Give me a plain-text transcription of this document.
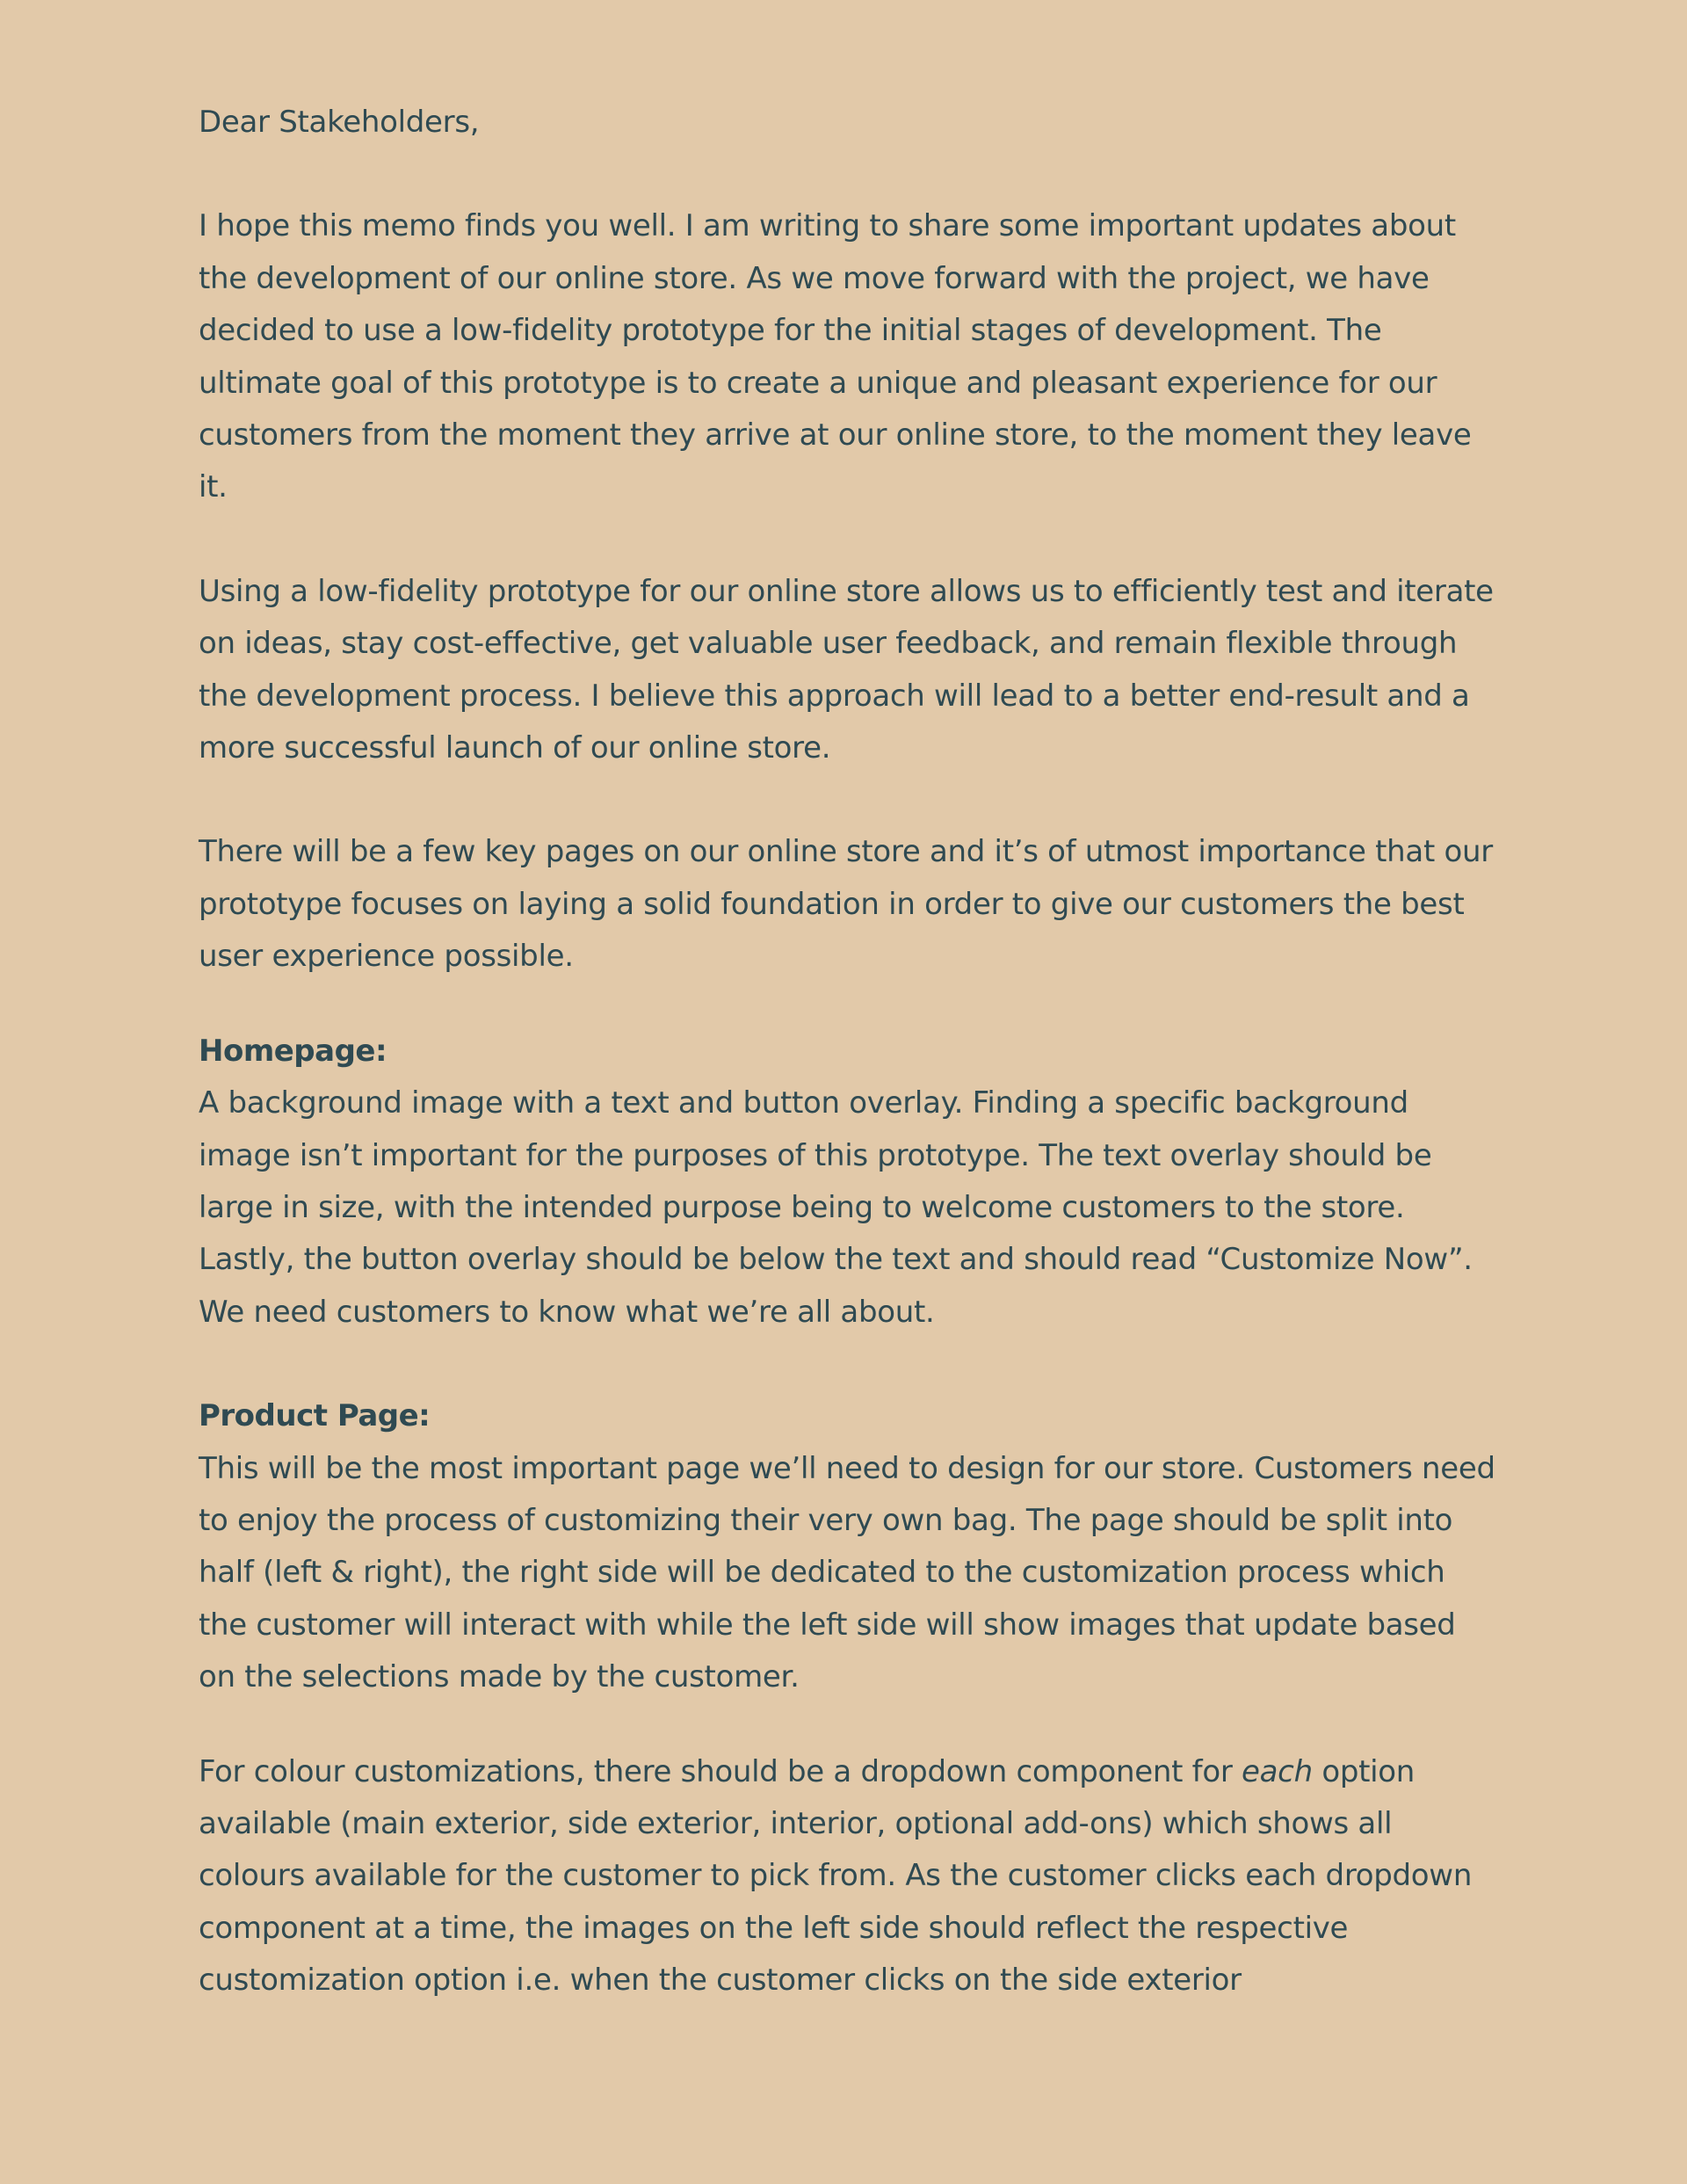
Dear Stakeholders,

I hope this memo finds you well. I am writing to share some important updates about the development of our online store. As we move forward with the project, we have decided to use a low-fidelity prototype for the initial stages of development. The ultimate goal of this prototype is to create a unique and pleasant experience for our customers from the moment they arrive at our online store, to the moment they leave it.

Using a low-fidelity prototype for our online store allows us to efficiently test and iterate on ideas, stay cost-effective, get valuable user feedback, and remain flexible through the development process. I believe this approach will lead to a better end-result and a more successful launch of our online store.

There will be a few key pages on our online store and it’s of utmost importance that our prototype focuses on laying a solid foundation in order to give our customers the best user experience possible.

Homepage:

A background image with a text and button overlay. Finding a specific background image isn’t important for the purposes of this prototype. The text overlay should be large in size, with the intended purpose being to welcome customers to the store. Lastly, the button overlay should be below the text and should read “Customize Now”. We need customers to know what we’re all about.

Product Page:

This will be the most important page we’ll need to design for our store. Customers need to enjoy the process of customizing their very own bag. The page should be split into half (left & right), the right side will be dedicated to the customization process which the customer will interact with while the left side will show images that update based on the selections made by the customer.

For colour customizations, there should be a dropdown component for each option available (main exterior, side exterior, interior, optional add-ons) which shows all colours available for the customer to pick from. As the customer clicks each dropdown component at a time, the images on the left side should reflect the respective customization option i.e. when the customer clicks on the side exterior
